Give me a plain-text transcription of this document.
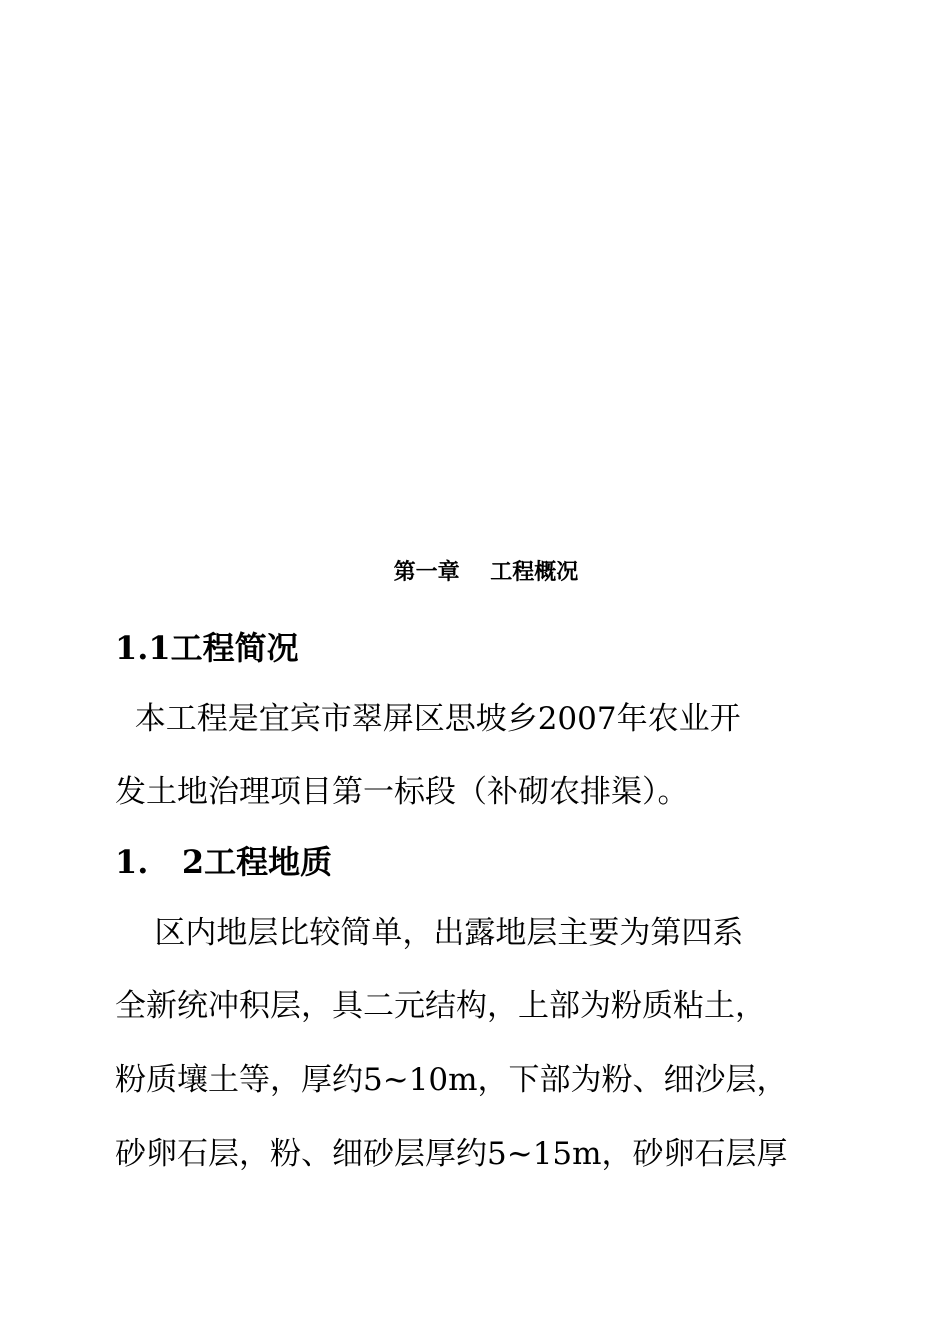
第一章    工程概况
1.1工程简况
本工程是宜宾市翠屏区思坡乡2007年农业开
发土地治理项目第一标段（补砌农排渠）。
1.   2工程地质
区内地层比较简单，出露地层主要为第四系
全新统冲积层，具二元结构，上部为粉质粘土，
粉质壤土等，厚约5~10m，下部为粉、细沙层，
砂卵石层，粉、细砂层厚约5~15m，砂卵石层厚
